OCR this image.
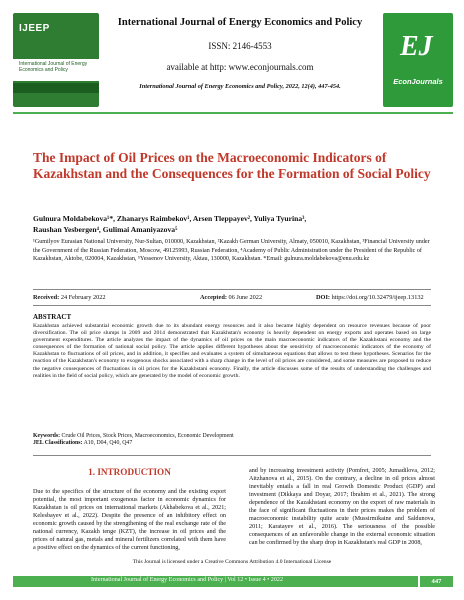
IJEEP
International Journal of Energy Economics and Policy
International Journal of Energy Economics and Policy
ISSN: 2146-4553
available at http: www.econjournals.com
International Journal of Energy Economics and Policy, 2022, 12(4), 447-454.
EJ
EconJournals
The Impact of Oil Prices on the Macroeconomic Indicators of Kazakhstan and the Consequences for the Formation of Social Policy
Gulnura Moldabekova¹*, Zhanarys Raimbekov¹, Arsen Tleppayev², Yuliya Tyurina³,
Raushan Yesbergen⁴, Gulimai Amaniyazova⁵
¹Gumilyov Eurasian National University, Nur-Sultan, 010000, Kazakhstan, ²Kazakh German University, Almaty, 050010, Kazakhstan, ³Financial University under the Government of the Russian Federation, Moscow, 49125993, Russian Federation, ⁴Academy of Public Administration under the President of the Republic of Kazakhstan, Aktobe, 020004, Kazakhstan, ⁵Yessenov University, Aktau, 130000, Kazakhstan. *Email: gulnura.moldabekova@enu.edu.kz
Received: 24 February 2022	Accepted: 06 June 2022	DOI: https://doi.org/10.32479/ijeep.13132
ABSTRACT

Kazakhstan achieved substantial economic growth due to its abundant energy resources and it also became highly dependent on resource revenues because of poor diversification. The oil price slumps in 2009 and 2014 demonstrated that Kazakhstan's economy is heavily dependent on energy exports and operates based on large government expenditures. The article analyzes the impact of the dynamics of oil prices on the main macroeconomic indicators of the Kazakhstani economy and the consequences of the formation of national social policy. The article applies different hypotheses about the sensitivity of macroeconomic indicators of the economy of Kazakhstan to fluctuations of oil prices, and in addition, it specifies and evaluates a system of simultaneous equations that allows to test these hypotheses. Scenarios for the reaction of the Kazakhstan's economy to exogenous shocks associated with a sharp change in the level of oil prices are considered, and some measures are proposed to reduce the negative consequences of fluctuations in oil prices for the Kazakhstani economy. Finally, the article discusses some of the results of understanding the challenges and realities in the field of social policy, which are generated by the model of economic growth.

Keywords: Crude Oil Prices, Stock Prices, Macroeconomics, Economic Development
JEL Classifications: A10, D04, Q40, Q47
1. INTRODUCTION

Due to the specifics of the structure of the economy and the existing export potential, the most important exogenous factor in economic dynamics for Kazakhstan is oil prices on international markets (Akhabekova et al., 2021; Kelesbayev et al., 2022). Despite the presence of an inhibitory effect on economic growth caused by the strengthening of the real exchange rate of the national currency, Kazakh tenge (KZT), the increase in oil prices and the prices of natural gas, metals and mineral fertilizers correlated with them have a positive effect on the dynamics of the current functioning,

and by increasing investment activity (Pomfret, 2005; Jumadilova, 2012; Aitzhanova et al., 2015). On the contrary, a decline in oil prices almost inevitably entails a fall in real Growth Domestic Product (GDP) and investment (Dikkaya and Doyar, 2017; Ibrahim et al., 2021). The strong dependence of the Kazakhstani economy on the export of raw materials in the face of significant fluctuations in their prices makes the problem of macroeconomic instability quite acute (Mussirmikaine and Saldunova, 2011; Karatayev et al., 2016). The seriousness of the possible consequences of an unfavorable change in the external economic situation can be confirmed by the sharp drop in Kazakhstan's real GDP in 2008,

This Journal is licensed under a Creative Commons Attribution 4.0 International License
International Journal of Energy Economics and Policy | Vol 12 • Issue 4 • 2022	447
